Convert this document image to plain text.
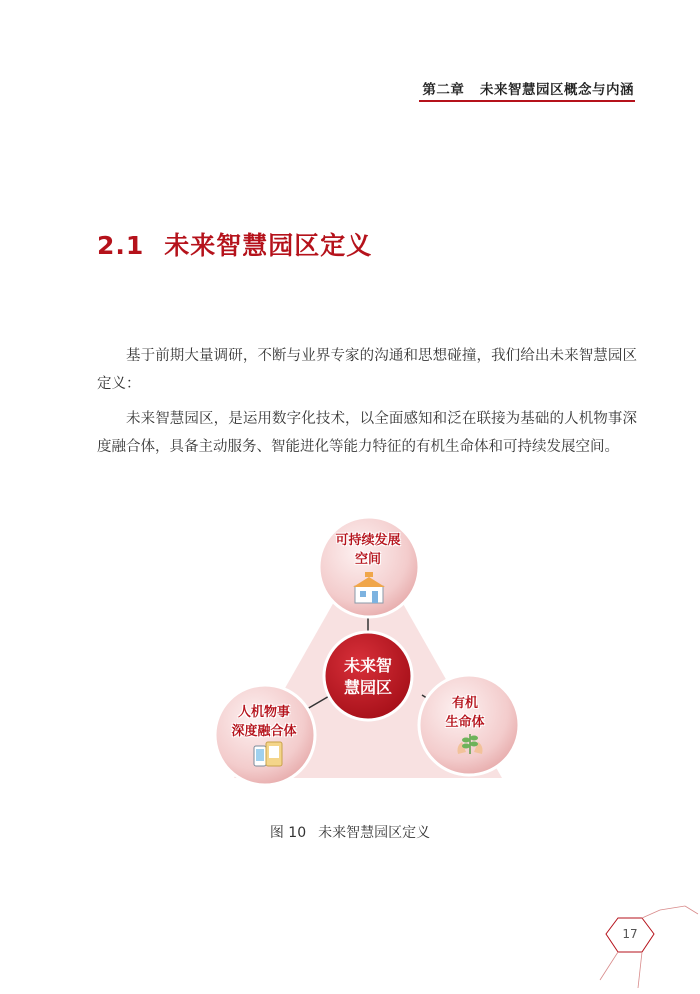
第二章 未来智慧园区概念与内涵
2.1 未来智慧园区定义

基于前期大量调研，不断与业界专家的沟通和思想碰撞，我们给出未来智慧园区定义：

未来智慧园区，是运用数字化技术，以全面感知和泛在联接为基础的人机物事深度融合体，具备主动服务、智能进化等能力特征的有机生命体和可持续发展空间。

可持续发展
空间
人机物事
深度融合体
有机
生命体
未来智
慧园区
图 10 未来智慧园区定义
17
